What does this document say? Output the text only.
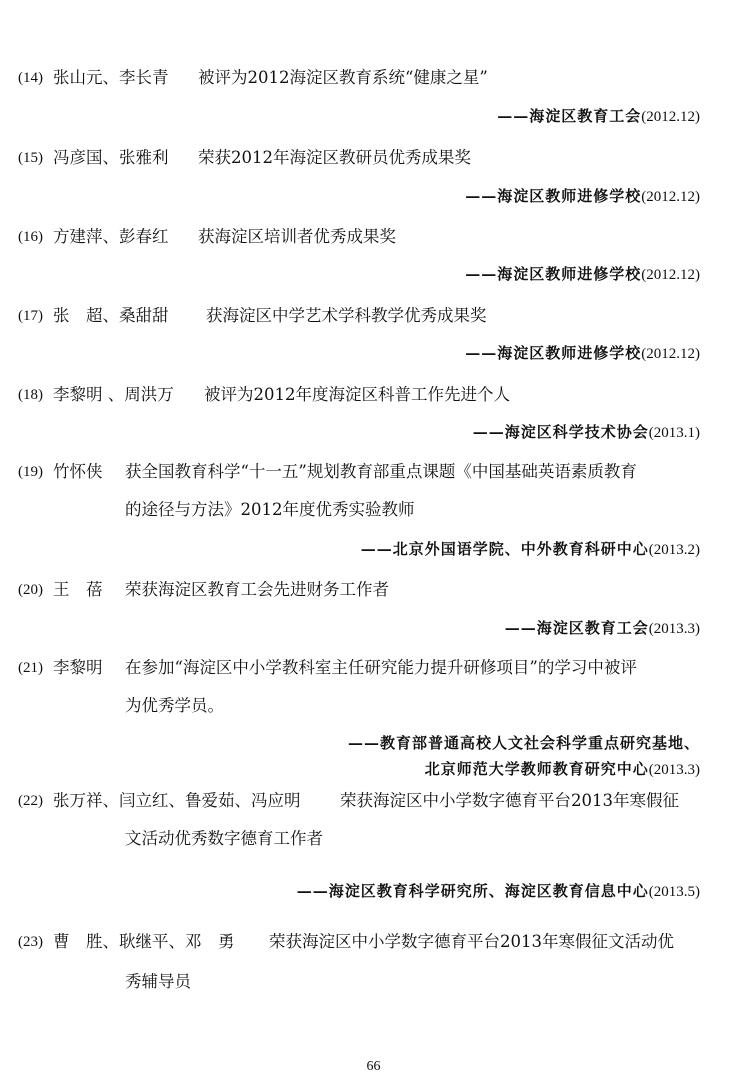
(14) 张山元、李长青 被评为2012海淀区教育系统“健康之星”
——海淀区教育工会(2012.12)
(15) 冯彦国、张雅利 荣获2012年海淀区教研员优秀成果奖
——海淀区教师进修学校(2012.12)
(16) 方建萍、彭春红 获海淀区培训者优秀成果奖
——海淀区教师进修学校(2012.12)
(17) 张　超、桑甜甜 获海淀区中学艺术学科教学优秀成果奖
——海淀区教师进修学校(2012.12)
(18) 李黎明 、周洪万 被评为2012年度海淀区科普工作先进个人
——海淀区科学技术协会(2013.1)
(19) 竹怀侠 获全国教育科学“十一五”规划教育部重点课题《中国基础英语素质教育
的途径与方法》2012年度优秀实验教师
——北京外国语学院、中外教育科研中心(2013.2)
(20) 王　蓓 荣获海淀区教育工会先进财务工作者
——海淀区教育工会(2013.3)
(21) 李黎明 在参加“海淀区中小学教科室主任研究能力提升研修项目”的学习中被评
为优秀学员。
——教育部普通高校人文社会科学重点研究基地、
北京师范大学教师教育研究中心(2013.3)
(22) 张万祥、闫立红、鲁爱茹、冯应明 荣获海淀区中小学数字德育平台2013年寒假征
文活动优秀数字德育工作者
——海淀区教育科学研究所、海淀区教育信息中心(2013.5)
(23) 曹　胜、耿继平、邓　勇 荣获海淀区中小学数字德育平台2013年寒假征文活动优
秀辅导员
66
